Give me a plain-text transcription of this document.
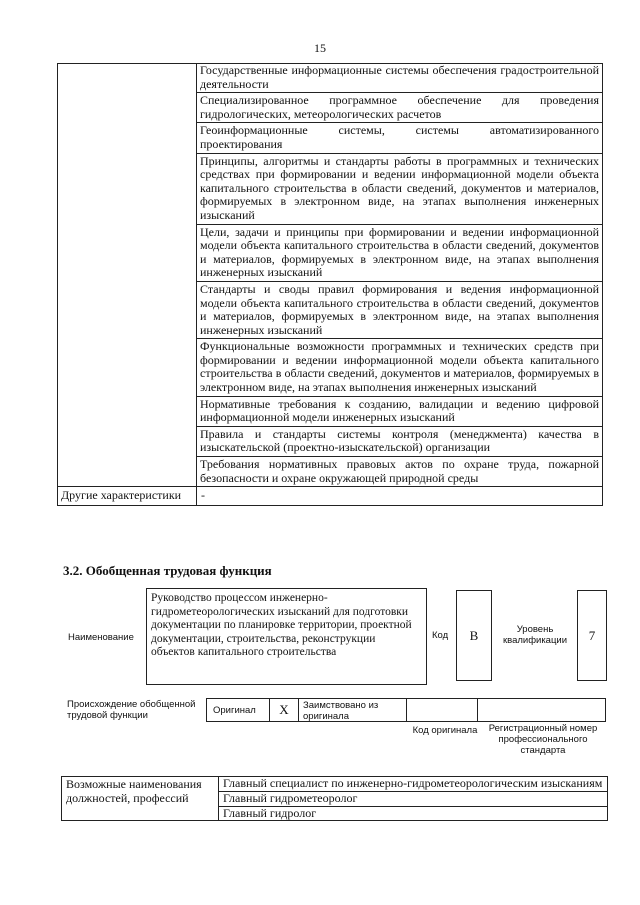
15
Государственные информационные системы обеспечения градостроительной деятельности
Специализированное программное обеспечение для проведения гидрологических, метеорологических расчетов
Геоинформационные системы, системы автоматизированного проектирования
Принципы, алгоритмы и стандарты работы в программных и технических средствах при формировании и ведении информационной модели объекта капитального строительства в области сведений, документов и материалов, формируемых в электронном виде, на этапах выполнения инженерных изысканий
Цели, задачи и принципы при формировании и ведении информационной модели объекта капитального строительства в области сведений, документов и материалов, формируемых в электронном виде, на этапах выполнения инженерных изысканий
Стандарты и своды правил формирования и ведения информационной модели объекта капитального строительства в области сведений, документов и материалов, формируемых в электронном виде, на этапах выполнения инженерных изысканий
Функциональные возможности программных и технических средств при формировании и ведении информационной модели объекта капитального строительства в области сведений, документов и материалов, формируемых в электронном виде, на этапах выполнения инженерных изысканий
Нормативные требования к созданию, валидации и ведению цифровой информационной модели инженерных изысканий
Правила и стандарты системы контроля (менеджмента) качества в изыскательской (проектно-изыскательской) организации
Требования нормативных правовых актов по охране труда, пожарной безопасности и охране окружающей природной среды
Другие характеристики	-
3.2. Обобщенная трудовая функция
Наименование
Руководство процессом инженерно-гидрометеорологических изысканий для подготовки документации по планировке территории, проектной документации, строительства, реконструкции объектов капитального строительства
Код	B	Уровень квалификации	7
Происхождение обобщенной трудовой функции	Оригинал	X	Заимствовано из оригинала
Код оригинала	Регистрационный номер профессионального стандарта
Возможные наименования должностей, профессий
Главный специалист по инженерно-гидрометеорологическим изысканиям
Главный гидрометеоролог
Главный гидролог
